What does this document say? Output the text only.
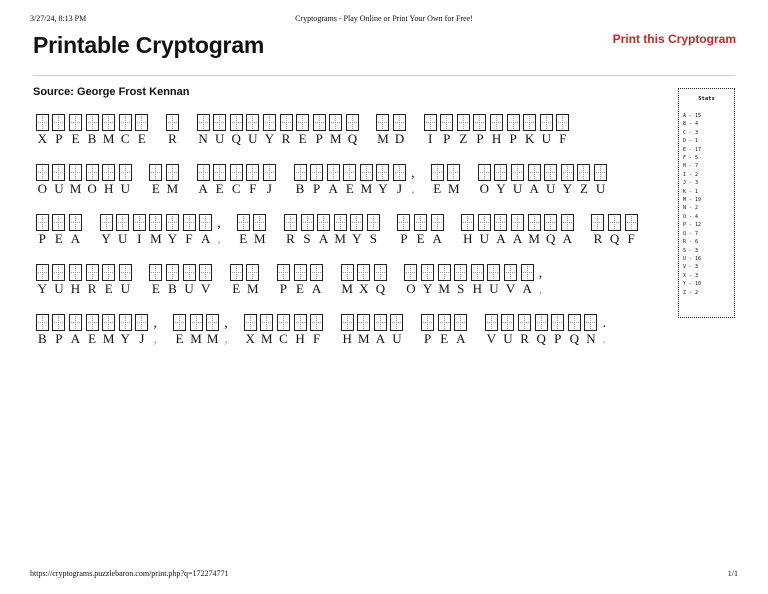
3/27/24, 8:13 PM	Cryptograms - Play Online or Print Your Own for Free!
Printable Cryptogram	Print this Cryptogram
Source: George Frost Kennan
X P E B M C E R N U Q U Y R E P M Q M D I P Z P H P K U F
O U M O H U E M A E C F J B P A E M Y J
,
, E M O Y U A U Y Z U
P E A Y U I M Y F A
,
, E M R S A M Y S P E A H U A A M Q A R Q F
Y U H R E U E B U V E M P E A M X Q O Y M S H U V A
,
,
B P A E M Y J
,
, E M M
,
, X M C H F H M A U P E A V U R Q P Q N
.
.
Stats
A - 15
B - 4
C - 3
D - 1
E - 17
F - 5
H - 7
I - 2
J - 3
K - 1
M - 19
N - 2
O - 4
P - 12
Q - 7
R - 6
S - 3
U - 16
V - 3
X - 3
Y - 10
Z - 2
https://cryptograms.puzzlebaron.com/print.php?q=172274771	1/1
